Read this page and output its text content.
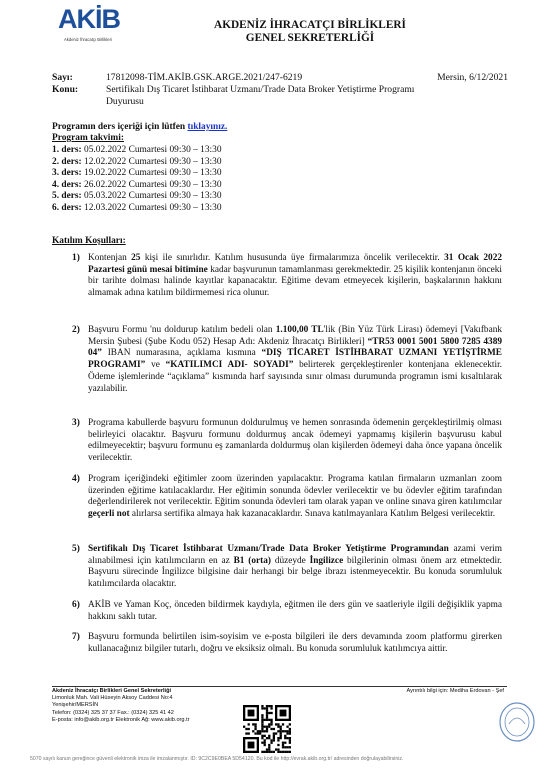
AKİB
Akdeniz İhracatçı Birlikleri
AKDENİZ İHRACATÇI BİRLİKLERİ
GENEL SEKRETERLİĞİ
Sayı:	17812098-TİM.AKİB.GSK.ARGE.2021/247-6219	Mersin, 6/12/2021
Konu:	Sertifikalı Dış Ticaret İstihbarat Uzmanı/Trade Data Broker Yetiştirme Programı
Duyurusu
Programın ders içeriği için lütfen tıklayınız.
Program takvimi:
1. ders: 05.02.2022 Cumartesi 09:30 – 13:30
2. ders: 12.02.2022 Cumartesi 09:30 – 13:30
3. ders: 19.02.2022 Cumartesi 09:30 – 13:30
4. ders: 26.02.2022 Cumartesi 09:30 – 13:30
5. ders: 05.03.2022 Cumartesi 09:30 – 13:30
6. ders: 12.03.2022 Cumartesi 09:30 – 13:30
Katılım Koşulları:
1) Kontenjan 25 kişi ile sınırlıdır. Katılım hususunda üye firmalarımıza öncelik verilecektir. 31 Ocak 2022 Pazartesi günü mesai bitimine kadar başvurunun tamamlanması gerekmektedir. 25 kişilik kontenjanın önceki bir tarihte dolması halinde kayıtlar kapanacaktır. Eğitime devam etmeyecek kişilerin, başkalarının hakkını almamak adına katılım bildirmemesi rica olunur.
2) Başvuru Formu 'nu doldurup katılım bedeli olan 1.100,00 TL'lik (Bin Yüz Türk Lirası) ödemeyi [Vakıfbank Mersin Şubesi (Şube Kodu 052) Hesap Adı: Akdeniz İhracatçı Birlikleri] “TR53 0001 5001 5800 7285 4389 04” IBAN numarasına, açıklama kısmına “DIŞ TİCARET İSTİHBARAT UZMANI YETİŞTİRME PROGRAMI” ve “KATILIMCI ADI- SOYADI” belirterek gerçekleştirenler kontenjana eklenecektir. Ödeme işlemlerinde “açıklama” kısmında harf sayısında sınır olması durumunda programın ismi kısaltılarak yazılabilir.
3) Programa kabullerde başvuru formunun doldurulmuş ve hemen sonrasında ödemenin gerçekleştirilmiş olması belirleyici olacaktır. Başvuru formunu doldurmuş ancak ödemeyi yapmamış kişilerin başvurusu kabul edilmeyecektir; başvuru formunu eş zamanlarda doldurmuş olan kişilerden ödemeyi daha önce yapana öncelik verilecektir.
4) Program içeriğindeki eğitimler zoom üzerinden yapılacaktır. Programa katılan firmaların uzmanları zoom üzerinden eğitime katılacaklardır. Her eğitimin sonunda ödevler verilecektir ve bu ödevler eğitim tarafından değerlendirilerek not verilecektir. Eğitim sonunda ödevleri tam olarak yapan ve online sınava giren katılımcılar geçerli not alırlarsa sertifika almaya hak kazanacaklardır. Sınava katılmayanlara Katılım Belgesi verilecektir.
5) Sertifikalı Dış Ticaret İstihbarat Uzmanı/Trade Data Broker Yetiştirme Programından azami verim alınabilmesi için katılımcıların en az B1 (orta) düzeyde İngilizce bilgilerinin olması önem arz etmektedir. Başvuru sürecinde İngilizce bilgisine dair herhangi bir belge ibrazı istenmeyecektir. Bu konuda sorumluluk katılımcılarda olacaktır.
6) AKİB ve Yaman Koç, önceden bildirmek kaydıyla, eğitmen ile ders gün ve saatleriyle ilgili değişiklik yapma hakkını saklı tutar.
7) Başvuru formunda belirtilen isim-soyisim ve e-posta bilgileri ile ders devamında zoom platformu girerken kullanacağınız bilgiler tutarlı, doğru ve eksiksiz olmalı. Bu konuda sorumluluk katılımcıya aittir.
Akdeniz İhracatçı Birlikleri Genel Sekreterliği
Limonluk Mah. Vali Hüseyin Aksoy Caddesi No:4
Yenişehir/MERSİN
Telefon: (0324) 325 37 37 Fax.: (0324) 325 41 42
E-posta: info@akib.org.tr Elektronik Ağ: www.akib.org.tr
Ayrıntılı bilgi için: Mediha Erdovan - Şef
5070 sayılı kanun gereğince güvenli elektronik imza ile imzalanmıştır. ID: 9C2C9E0BEA 5D54120. Bu kod ile http://evrak.akib.org.tr/ adresinden doğrulayabilirsiniz.
